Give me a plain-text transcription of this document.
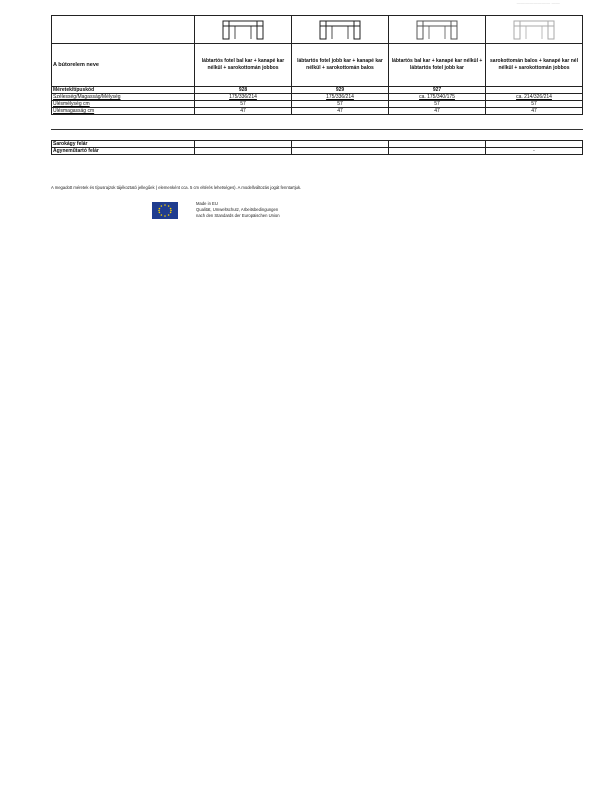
———————— ——

A bútorelem neve	lábtartós fotel bal kar + kanapé kar nélkül + sarokottomán jobbos	lábtartós fotel jobb kar + kanapé kar nélkül + sarokottomán balos	lábtartós bal kar + kanapé kar nélkül + lábtartós fotel jobb kar	sarokottomán balos + kanapé kar nél nélkül + sarokottomán jobbos
Méretek/típuskód	928	929	927	
Szélesség/Magasság/Mélység	175/336/214	175/336/214	ca. 175/340/175	ca. 214/326/214
Ülésmélység cm	57	57	57	57
Ülésmagasság cm	47	47	47	47
Sarokágy felár				
Ágyneműtartó felár				-
A megadott méretek és típusrajzok tájékoztató jellegűek ( elemenként cca. 5 cm eltérés lehetséges). A modellváltozás jogát fenntartjuk.
Made in EU
Qualität, Umweltschutz, Arbeitsbedingungen
nach den Standards der Europäischen Union
